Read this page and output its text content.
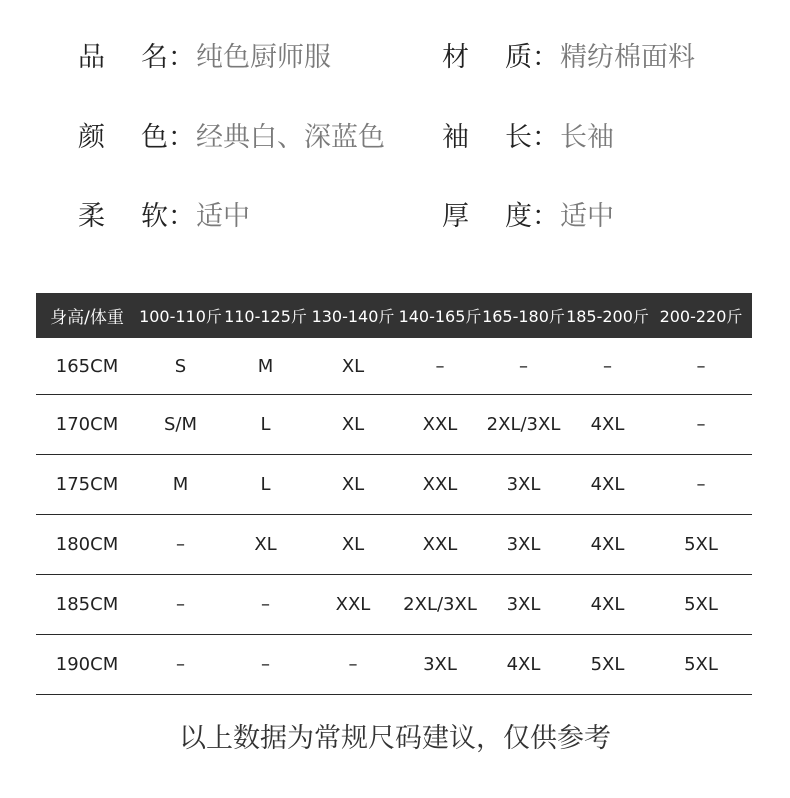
品 名 ： 纯色厨师服	材 质 ： 精纺棉面料
颜 色 ： 经典白、深蓝色 袖 长 ： 长袖
柔 软 ： 适中	厚 度 ： 适中
身高/体重	100-110斤	110-125斤	130-140斤	140-165斤	165-180斤	185-200斤	200-220斤
165CM	S	M	XL	–	–	–	–
170CM	S/M	L	XL	XXL	2XL/3XL	4XL	–
175CM	M	L	XL	XXL	3XL	4XL	–
180CM	–	XL	XL	XXL	3XL	4XL	5XL
185CM	–	–	XXL	2XL/3XL	3XL	4XL	5XL
190CM	–	–	–	3XL	4XL	5XL	5XL
以上数据为常规尺码建议，仅供参考
